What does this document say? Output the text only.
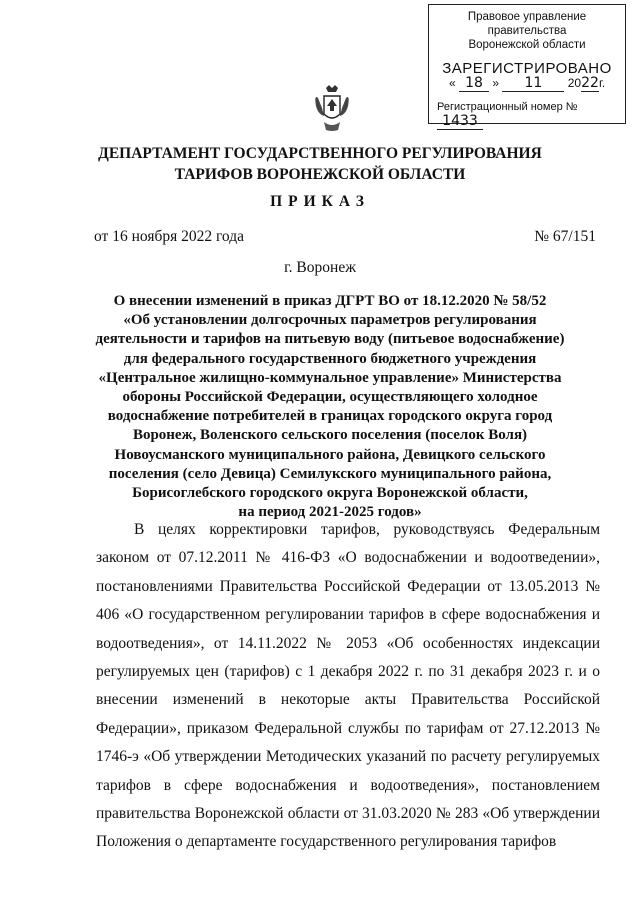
Правовое управление правительства
Воронежской области
ЗАРЕГИСТРИРОВАНО
« 18 » 11 2022г.
Регистрационный номер № 1433
ДЕПАРТАМЕНТ ГОСУДАРСТВЕННОГО РЕГУЛИРОВАНИЯ
ТАРИФОВ ВОРОНЕЖСКОЙ ОБЛАСТИ
ПРИКАЗ
от 16 ноября 2022 года	№ 67/151
г. Воронеж
О внесении изменений в приказ ДГРТ ВО от 18.12.2020 № 58/52
«Об установлении долгосрочных параметров регулирования
деятельности и тарифов на питьевую воду (питьевое водоснабжение)
для федерального государственного бюджетного учреждения
«Центральное жилищно-коммунальное управление» Министерства
обороны Российской Федерации, осуществляющего холодное
водоснабжение потребителей в границах городского округа город
Воронеж, Воленского сельского поселения (поселок Воля)
Новоусманского муниципального района, Девицкого сельского
поселения (село Девица) Семилукского муниципального района,
Борисоглебского городского округа Воронежской области,
на период 2021-2025 годов»
В целях корректировки тарифов, руководствуясь Федеральным законом от 07.12.2011 № 416-ФЗ «О водоснабжении и водоотведении», постановлениями Правительства Российской Федерации от 13.05.2013 № 406 «О государственном регулировании тарифов в сфере водоснабжения и водоотведения», от 14.11.2022 № 2053 «Об особенностях индексации регулируемых цен (тарифов) с 1 декабря 2022 г. по 31 декабря 2023 г. и о внесении изменений в некоторые акты Правительства Российской Федерации», приказом Федеральной службы по тарифам от 27.12.2013 № 1746-э «Об утверждении Методических указаний по расчету регулируемых тарифов в сфере водоснабжения и водоотведения», постановлением правительства Воронежской области от 31.03.2020 № 283 «Об утверждении Положения о департаменте государственного регулирования тарифов
